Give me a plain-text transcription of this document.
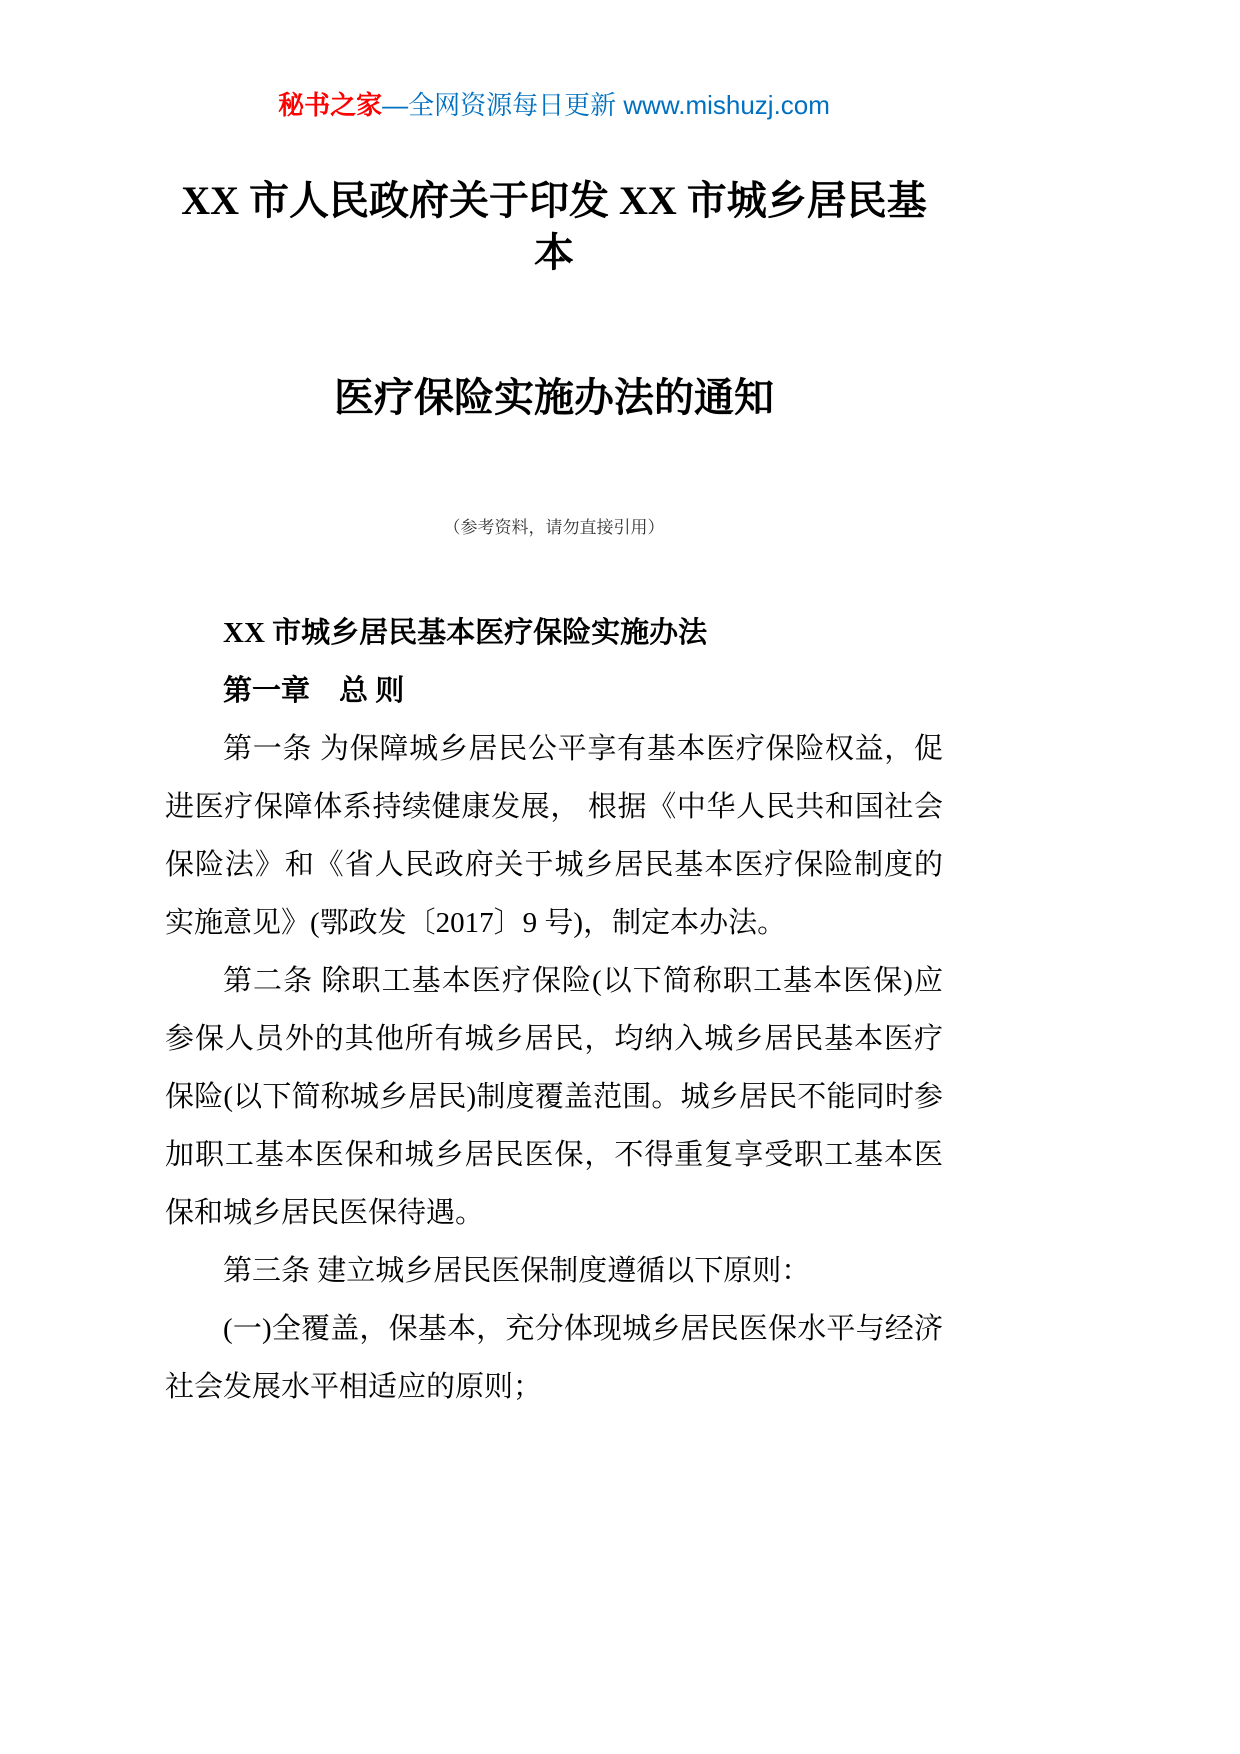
秘书之家—全网资源每日更新 www.mishuzj.com
XX 市人民政府关于印发 XX 市城乡居民基本
医疗保险实施办法的通知
（参考资料，请勿直接引用）

XX 市城乡居民基本医疗保险实施办法

第一章　总 则

第一条 为保障城乡居民公平享有基本医疗保险权益，促进医疗保障体系持续健康发展， 根据《中华人民共和国社会保险法》和《省人民政府关于城乡居民基本医疗保险制度的实施意见》(鄂政发〔2017〕9 号)，制定本办法。

第二条 除职工基本医疗保险(以下简称职工基本医保)应参保人员外的其他所有城乡居民，均纳入城乡居民基本医疗保险(以下简称城乡居民)制度覆盖范围。城乡居民不能同时参加职工基本医保和城乡居民医保，不得重复享受职工基本医保和城乡居民医保待遇。

第三条 建立城乡居民医保制度遵循以下原则：

(一)全覆盖，保基本，充分体现城乡居民医保水平与经济社会发展水平相适应的原则；
